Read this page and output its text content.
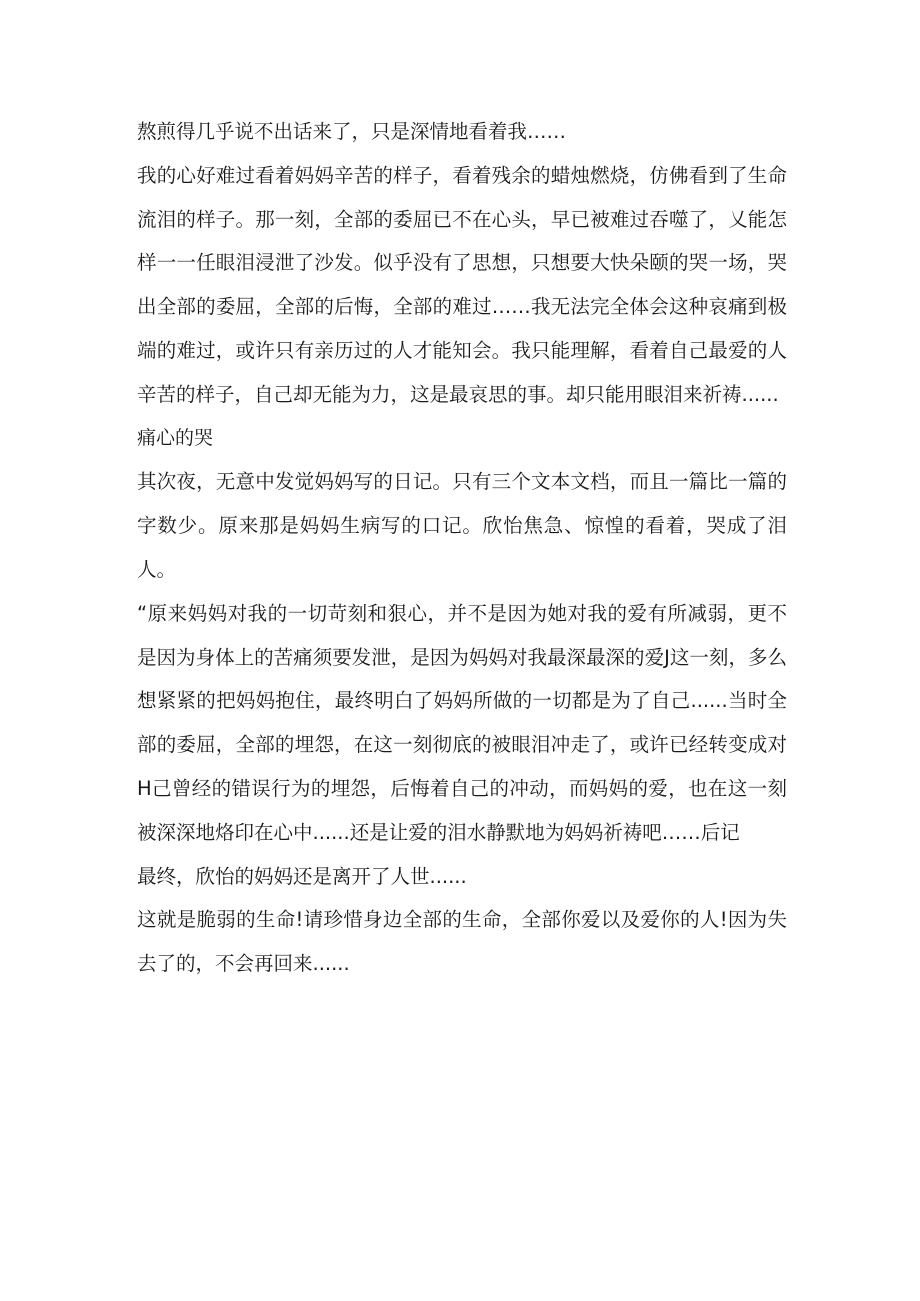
熬煎得几乎说不出话来了，只是深情地看着我……

我的心好难过看着妈妈辛苦的样子，看着残余的蜡烛燃烧，仿佛看到了生命流泪的样子。那一刻，全部的委屈已不在心头，早已被难过吞噬了，乂能怎样一一任眼泪浸泄了沙发。似乎没有了思想，只想要大快朵颐的哭一场，哭出全部的委屈，全部的后悔，全部的难过……我无法完全体会这种哀痛到极端的难过，或许只有亲历过的人才能知会。我只能理解，看着自己最爱的人辛苦的样子，自己却无能为力，这是最哀思的事。却只能用眼泪来祈祷......

痛心的哭

其次夜，无意中发觉妈妈写的日记。只有三个文本文档，而且一篇比一篇的字数少。原来那是妈妈生病写的口记。欣怡焦急、惊惶的看着，哭成了泪人。

“原来妈妈对我的一切苛刻和狠心，并不是因为她对我的爱有所减弱，更不是因为身体上的苦痛须要发泄，是因为妈妈对我最深最深的爱J这一刻，多么想紧紧的把妈妈抱住，最终明白了妈妈所做的一切都是为了自己......当时全部的委屈，全部的埋怨，在这一刻彻底的被眼泪冲走了，或许已经转变成对H己曾经的错误行为的埋怨，后悔着自己的冲动，而妈妈的爱，也在这一刻被深深地烙印在心中......还是让爱的泪水静默地为妈妈祈祷吧……后记

最终，欣怡的妈妈还是离开了人世......

这就是脆弱的生命!请珍惜身边全部的生命，全部你爱以及爱你的人!因为失去了的，不会再回来......
